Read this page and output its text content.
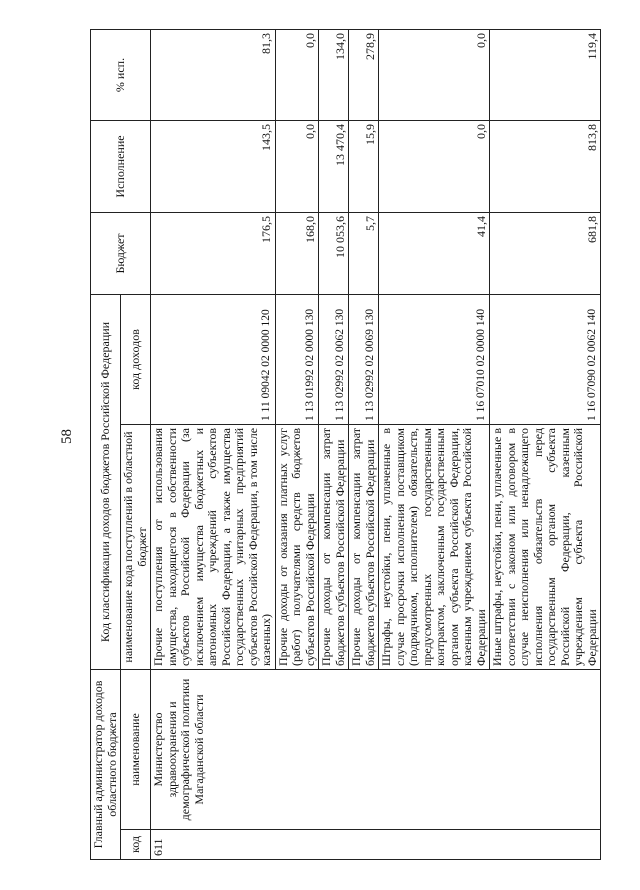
58
Главный администратор доходов областного бюджета		Код классификации доходов бюджетов Российской Федерации		Бюджет	Исполнение	% исп.
код	наименование	наименование кода поступлений в областной бюджет	код доходов			
611	Министерство здравоохранения и демографической политики Магаданской области	Прочие поступления от использования имущества, находящегося в собственности субъектов Российской Федерации (за исключением имущества бюджетных и автономных учреждений субъектов Российской Федерации, а также имущества государственных унитарных предприятий субъектов Российской Федерации, в том числе казенных)	1 11 09042 02 0000 120	176,5	143,5	81,3
		Прочие доходы от оказания платных услуг (работ) получателями средств бюджетов субъектов Российской Федерации	1 13 01992 02 0000 130	168,0	0,0	0,0
		Прочие доходы от компенсации затрат бюджетов субъектов Российской Федерации	1 13 02992 02 0062 130	10 053,6	13 470,4	134,0
		Прочие доходы от компенсации затрат бюджетов субъектов Российской Федерации	1 13 02992 02 0069 130	5,7	15,9	278,9
		Штрафы, неустойки, пени, уплаченные в случае просрочки исполнения поставщиком (подрядчиком, исполнителем) обязательств, предусмотренных государственным контрактом, заключенным государственным органом субъекта Российской Федерации, казенным учреждением субъекта Российской Федерации	1 16 07010 02 0000 140	41,4	0,0	0,0
		Иные штрафы, неустойки, пени, уплаченные в соответствии с законом или договором в случае неисполнения или ненадлежащего исполнения обязательств перед государственным органом субъекта Российской Федерации, казенным учреждением субъекта Российской Федерации	1 16 07090 02 0062 140	681,8	813,8	119,4
